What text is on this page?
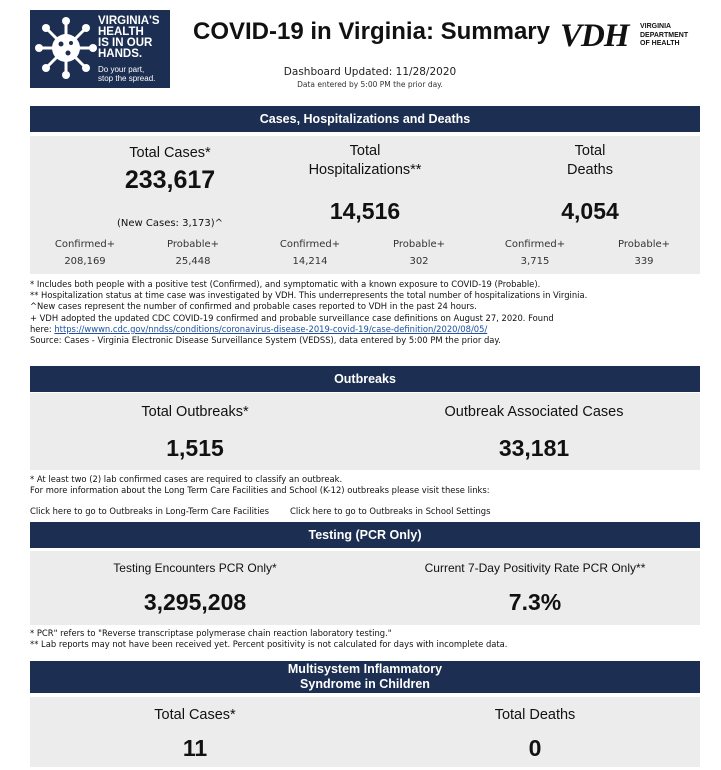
VIRGINIA'S
HEALTH
IS IN OUR
HANDS.
Do your part,
stop the spread.
COVID-19 in Virginia: Summary VDH VIRGINIA
DEPARTMENT
OF HEALTH
Dashboard Updated: 11/28/2020
Data entered by 5:00 PM the prior day.
Cases, Hospitalizations and Deaths
Total Cases*
233,617
(New Cases: 3,173)^
Total
Hospitalizations**
14,516
Total
Deaths
4,054
Confirmed+
208,169
Probable+
25,448
Confirmed+
14,214
Probable+
302
Confirmed+
3,715
Probable+
339
* Includes both people with a positive test (Confirmed), and symptomatic with a known exposure to COVID-19 (Probable).
** Hospitalization status at time case was investigated by VDH. This underrepresents the total number of hospitalizations in Virginia.
^New cases represent the number of confirmed and probable cases reported to VDH in the past 24 hours.
+ VDH adopted the updated CDC COVID-19 confirmed and probable surveillance case definitions on August 27, 2020. Found
here: https://wwwn.cdc.gov/nndss/conditions/coronavirus-disease-2019-covid-19/case-definition/2020/08/05/
Source: Cases - Virginia Electronic Disease Surveillance System (VEDSS), data entered by 5:00 PM the prior day.
Outbreaks
Total Outbreaks*
1,515
Outbreak Associated Cases
33,181
* At least two (2) lab confirmed cases are required to classify an outbreak.
For more information about the Long Term Care Facilities and School (K-12) outbreaks please visit these links:
Click here to go to Outbreaks in Long-Term Care Facilities Click here to go to Outbreaks in School Settings
Testing (PCR Only)
Testing Encounters PCR Only*
3,295,208
Current 7-Day Positivity Rate PCR Only**
7.3%
* PCR" refers to "Reverse transcriptase polymerase chain reaction laboratory testing."
** Lab reports may not have been received yet. Percent positivity is not calculated for days with incomplete data.
Multisystem Inflammatory
Syndrome in Children
Total Cases*
11
Total Deaths
0
